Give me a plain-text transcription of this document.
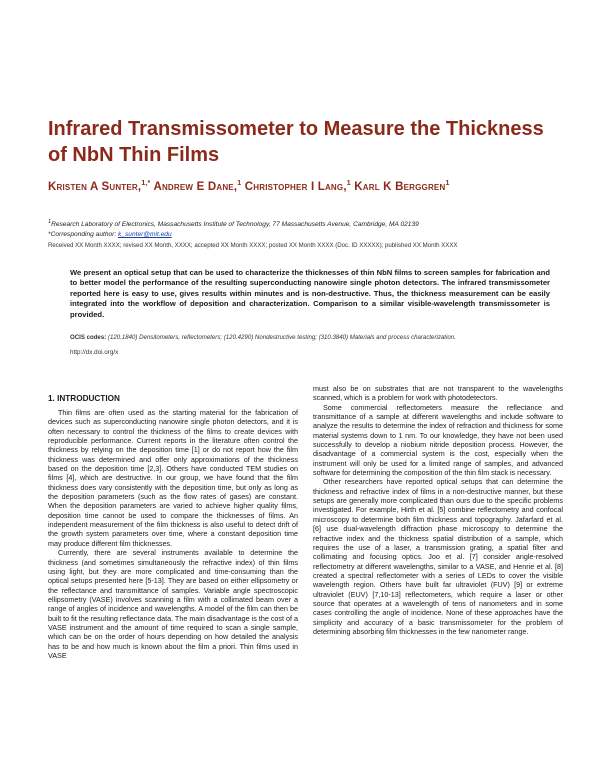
Infrared Transmissometer to Measure the Thickness of NbN Thin Films
Kristen A Sunter,$^{1,*}$ Andrew E Dane,$^1$ Christopher I Lang,$^1$ Karl K Berggren$^1$
$^1$Research Laboratory of Electronics, Massachusetts Institute of Technology, 77 Massachusetts Avenue, Cambridge, MA 02139
*Corresponding author: k_sunter@mit.edu
Received XX Month XXXX; revised XX Month, XXXX; accepted XX Month XXXX; posted XX Month XXXX (Doc. ID XXXXX); published XX Month XXXX
We present an optical setup that can be used to characterize the thicknesses of thin NbN films to screen samples for fabrication and to better model the performance of the resulting superconducting nanowire single photon detectors. The infrared transmissometer reported here is easy to use, gives results within minutes and is non-destructive. Thus, the thickness measurement can be easily integrated into the workflow of deposition and characterization. Comparison to a similar visible-wavelength transmissometer is provided.
OCIS codes: (120.1840) Densitometers, reflectometers; (120.4290) Nondestructive testing; (310.3840) Materials and process characterization.
http://dx.doi.org/x
1. INTRODUCTION

Thin films are often used as the starting material for the fabrication of devices such as superconducting nanowire single photon detectors, and it is often necessary to control the thickness of the films to create devices with reproducible performance. Current reports in the literature often control the thickness by relying on the deposition time [1] or do not report how the film thickness was determined and offer only approximations of the thickness based on the deposition time [2,3]. Others have conducted TEM studies on films [4], which are destructive. In our group, we have found that the film thickness does vary consistently with the deposition time, but only as long as the deposition parameters (such as the flow rates of gases) are constant. When the deposition parameters are varied to achieve higher quality films, deposition time cannot be used to compare the thicknesses of films. An independent measurement of the film thickness is also useful to detect drift of the growth system parameters over time, where a constant deposition time may produce different film thicknesses.

Currently, there are several instruments available to determine the thickness (and sometimes simultaneously the refractive index) of thin films using light, but they are more complicated and time-consuming than the optical setups presented here [5-13]. They are based on either ellipsometry or the reflectance and transmittance of samples. Variable angle spectroscopic ellipsometry (VASE) involves scanning a film with a collimated beam over a range of angles of incidence and wavelengths. A model of the film can then be built to fit the resulting reflectance data. The main disadvantage is the cost of a VASE instrument and the amount of time required to scan a single sample, which can be on the order of hours depending on how detailed the analysis has to be and how much is known about the film a priori. Thin films used in VASE

must also be on substrates that are not transparent to the wavelengths scanned, which is a problem for work with photodetectors.

Some commercial reflectometers measure the reflectance and transmittance of a sample at different wavelengths and include software to analyze the results to determine the index of refraction and thickness for some material systems down to 1 nm. To our knowledge, they have not been used successfully to develop a niobium nitride deposition process. However, the disadvantage of a commercial system is the cost, especially when the instrument will only be used for a limited range of samples, and advanced software for determining the composition of the thin film stack is necessary.

Other researchers have reported optical setups that can determine the thickness and refractive index of films in a non-destructive manner, but these setups are generally more complicated than ours due to the specific problems investigated. For example, Hirth et al. [5] combine reflectometry and confocal microscopy to determine both film thickness and topography. Jafarfard et al. [6] use dual-wavelength diffraction phase microscopy to determine the refractive index and the thickness spatial distribution of a sample, which requires the use of a laser, a transmission grating, a spatial filter and collimating and focusing optics. Joo et al. [7] consider angle-resolved reflectometry at different wavelengths, similar to a VASE, and Henrie et al. [8] created a spectral reflectometer with a series of LEDs to cover the visible wavelength region. Others have built far ultraviolet (FUV) [9] or extreme ultraviolet (EUV) [7,10-13] reflectometers, which require a laser or other source that operates at a wavelength of tens of nanometers and in some cases controlling the angle of incidence. None of these approaches have the simplicity and accuracy of a basic transmissometer for the problem of determining absorbing film thicknesses in the few nanometer range.
